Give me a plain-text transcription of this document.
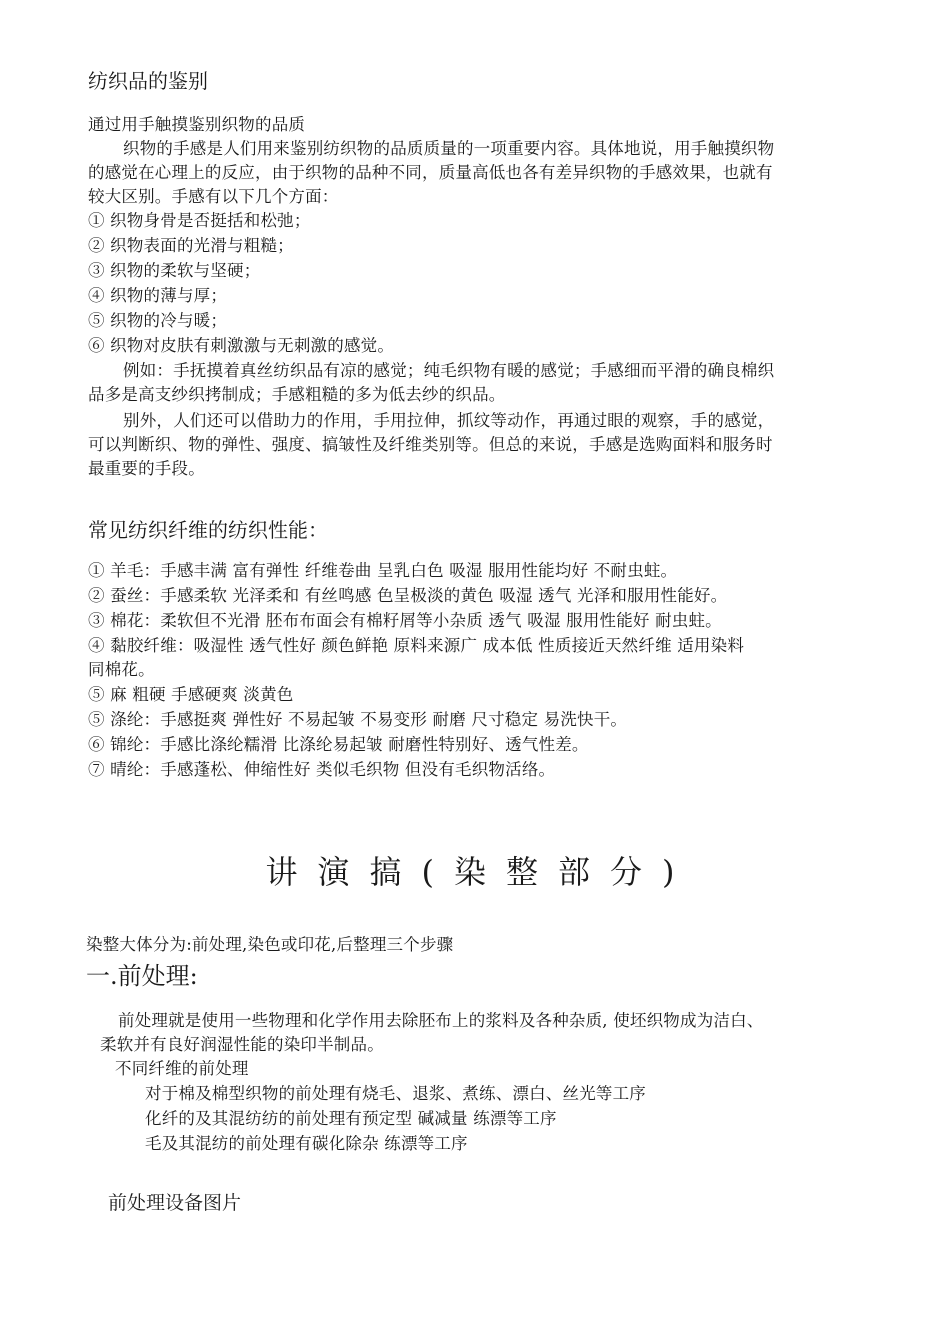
纺织品的鉴别
通过用手触摸鉴别织物的品质
织物的手感是人们用来鉴别纺织物的品质质量的一项重要内容。具体地说，用手触摸织物
的感觉在心理上的反应，由于织物的品种不同，质量高低也各有差异织物的手感效果，也就有
较大区别。手感有以下几个方面：
① 织物身骨是否挺括和松弛；
② 织物表面的光滑与粗糙；
③ 织物的柔软与坚硬；
④ 织物的薄与厚；
⑤ 织物的冷与暖；
⑥ 织物对皮肤有刺激激与无刺激的感觉。
例如：手抚摸着真丝纺织品有凉的感觉；纯毛织物有暖的感觉；手感细而平滑的确良棉织
品多是高支纱织拷制成；手感粗糙的多为低去纱的织品。
别外，人们还可以借助力的作用，手用拉伸，抓纹等动作，再通过眼的观察，手的感觉，
可以判断织、物的弹性、强度、搞皱性及纤维类别等。但总的来说，手感是选购面料和服务时
最重要的手段。
常见纺织纤维的纺织性能：
① 羊毛：手感丰满 富有弹性 纤维卷曲 呈乳白色 吸湿 服用性能均好 不耐虫蛀。
② 蚕丝：手感柔软 光泽柔和 有丝鸣感 色呈极淡的黄色 吸湿 透气 光泽和服用性能好。
③ 棉花：柔软但不光滑 胚布布面会有棉籽屑等小杂质 透气 吸湿 服用性能好 耐虫蛀。
④ 黏胶纤维：吸湿性 透气性好 颜色鲜艳 原料来源广 成本低 性质接近天然纤维 适用染料
同棉花。
⑤ 麻 粗硬 手感硬爽 淡黄色
⑤ 涤纶：手感挺爽 弹性好 不易起皱 不易变形 耐磨 尺寸稳定 易洗快干。
⑥ 锦纶：手感比涤纶糯滑 比涤纶易起皱 耐磨性特别好、透气性差。
⑦ 晴纶：手感蓬松、伸缩性好 类似毛织物 但没有毛织物活络。
讲演搞(染整部分)
染整大体分为:前处理,染色或印花,后整理三个步骤
一.前处理:
前处理就是使用一些物理和化学作用去除胚布上的浆料及各种杂质, 使坯织物成为洁白、
柔软并有良好润湿性能的染印半制品。
不同纤维的前处理
对于棉及棉型织物的前处理有烧毛、退浆、煮练、漂白、丝光等工序
化纤的及其混纺纺的前处理有预定型 碱减量 练漂等工序
毛及其混纺的前处理有碳化除杂 练漂等工序
前处理设备图片
